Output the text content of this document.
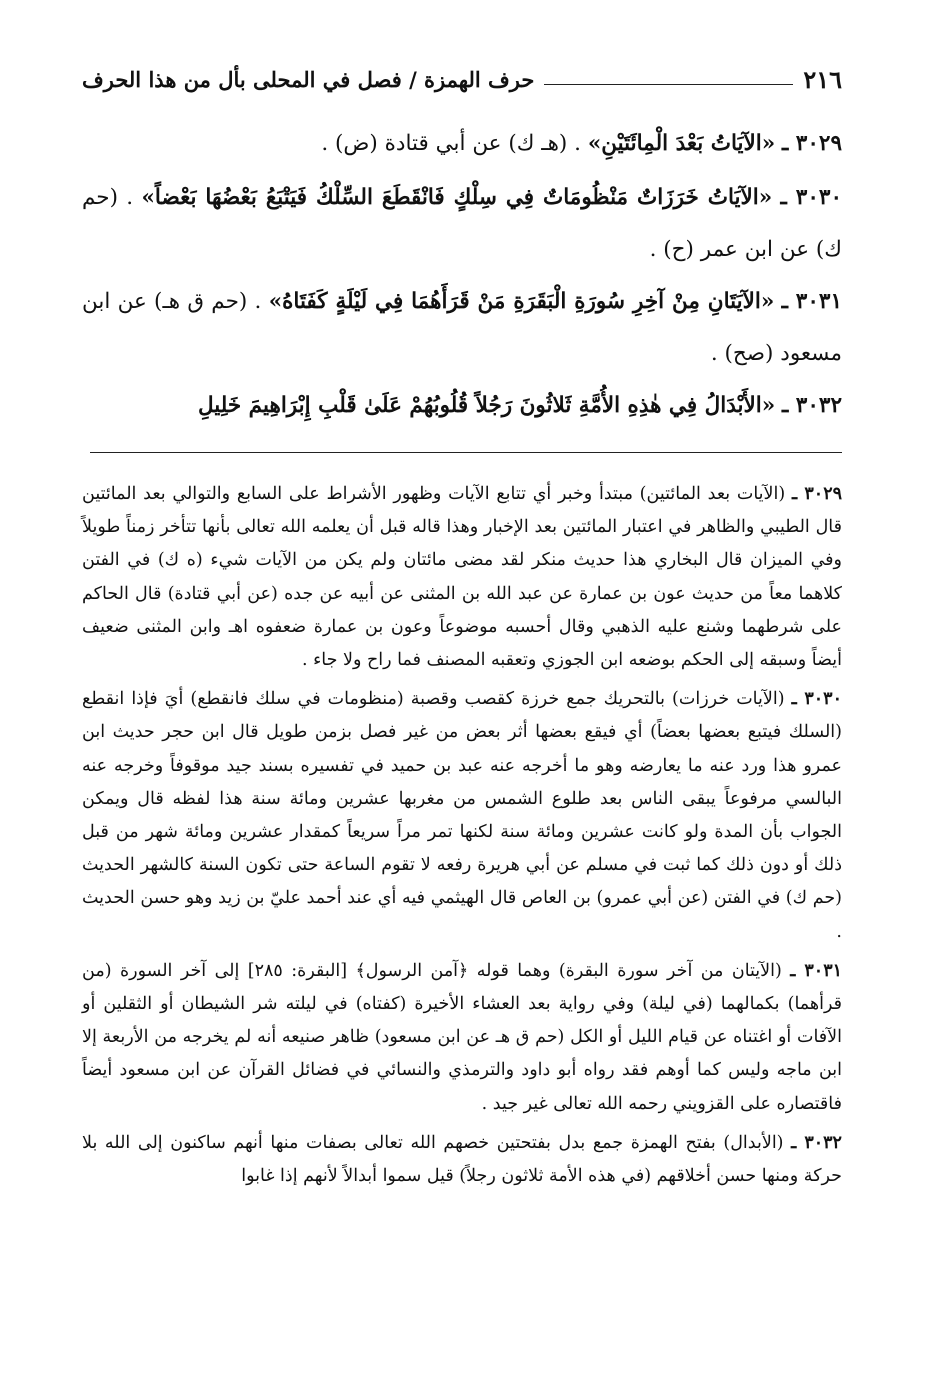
٢١٦
حرف الهمزة / فصل في المحلى بأل من هذا الحرف
٣٠٢٩ ـ «الآيَاتُ بَعْدَ الْمِائَتَيْنِ» . (هـ ك) عن أبي قتادة (ض) .
٣٠٣٠ ـ «الآيَاتُ خَرَزَاتٌ مَنْظُومَاتٌ فِي سِلْكٍ فَانْقَطَعَ السِّلْكُ فَيَتْبَعُ بَعْضُهَا بَعْضاً» . (حم ك) عن ابن عمر (ح) .
٣٠٣١ ـ «الآيَتَانِ مِنْ آخِرِ سُورَةِ الْبَقَرَةِ مَنْ قَرَأَهُمَا فِي لَيْلَةٍ كَفَتَاهُ» . (حم ق هـ) عن ابن مسعود (صح) .
٣٠٣٢ ـ «الأَبْدَالُ فِي هٰذِهِ الأُمَّةِ ثَلاثُونَ رَجُلاً قُلُوبُهُمْ عَلَىٰ قَلْبِ إِبْرَاهِيمَ خَلِيلِ

٣٠٢٩ ـ (الآيات بعد المائتين) مبتدأ وخبر أي تتابع الآيات وظهور الأشراط على السابع والتوالي بعد المائتين قال الطيبي والظاهر في اعتبار المائتين بعد الإخبار وهذا قاله قبل أن يعلمه الله تعالى بأنها تتأخر زمناً طويلاً وفي الميزان قال البخاري هذا حديث منكر لقد مضى مائتان ولم يكن من الآيات شيء (ه ك) في الفتن كلاهما معاً من حديث عون بن عمارة عن عبد الله بن المثنى عن أبيه عن جده (عن أبي قتادة) قال الحاكم على شرطهما وشنع عليه الذهبي وقال أحسبه موضوعاً وعون بن عمارة ضعفوه اهـ وابن المثنى ضعيف أيضاً وسبقه إلى الحكم بوضعه ابن الجوزي وتعقبه المصنف فما راح ولا جاء .

٣٠٣٠ ـ (الآيات خرزات) بالتحريك جمع خرزة كقصب وقصبة (منظومات في سلك فانقطع) أيَ فإذا انقطع (السلك فيتبع بعضها بعضاً) أي فيقع بعضها أثر بعض من غير فصل بزمن طويل قال ابن حجر حديث ابن عمرو هذا ورد عنه ما يعارضه وهو ما أخرجه عنه عبد بن حميد في تفسيره بسند جيد موقوفاً وخرجه عنه البالسي مرفوعاً يبقى الناس بعد طلوع الشمس من مغربها عشرين ومائة سنة هذا لفظه قال ويمكن الجواب بأن المدة ولو كانت عشرين ومائة سنة لكنها تمر مراً سريعاً كمقدار عشرين ومائة شهر من قبل ذلك أو دون ذلك كما ثبت في مسلم عن أبي هريرة رفعه لا تقوم الساعة حتى تكون السنة كالشهر الحديث (حم ك) في الفتن (عن أبي عمرو) بن العاص قال الهيثمي فيه أي عند أحمد عليّ بن زيد وهو حسن الحديث .

٣٠٣١ ـ (الآيتان من آخر سورة البقرة) وهما قوله ﴿آمن الرسول﴾ [البقرة: ٢٨٥] إلى آخر السورة (من قرأهما) بكمالهما (في ليلة) وفي رواية بعد العشاء الأخيرة (كفتاه) في ليلته شر الشيطان أو الثقلين أو الآفات أو اغتناه عن قيام الليل أو الكل (حم ق هـ عن ابن مسعود) ظاهر صنيعه أنه لم يخرجه من الأربعة إلا ابن ماجه وليس كما أوهم فقد رواه أبو داود والترمذي والنسائي في فضائل القرآن عن ابن مسعود أيضاً فاقتصاره على القزويني رحمه الله تعالى غير جيد .

٣٠٣٢ ـ (الأبدال) بفتح الهمزة جمع بدل بفتحتين خصهم الله تعالى بصفات منها أنهم ساكنون إلى الله بلا حركة ومنها حسن أخلاقهم (في هذه الأمة ثلاثون رجلاً) قيل سموا أبدالاً لأنهم إذا غابوا
